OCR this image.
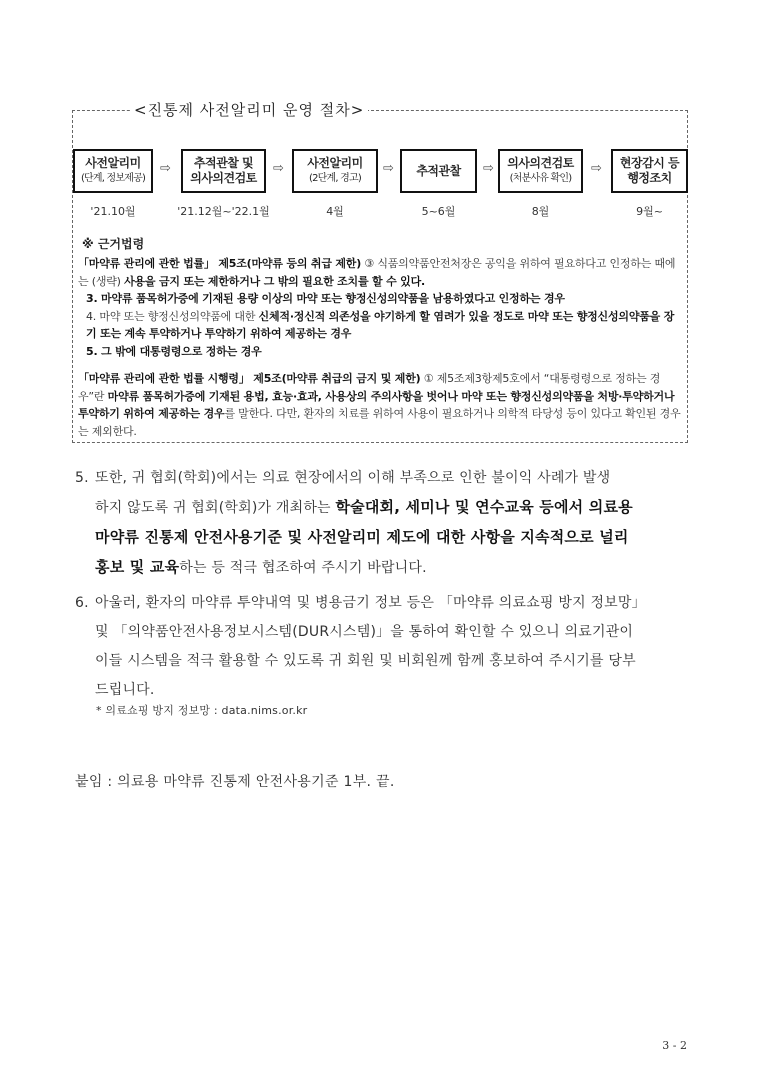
<진통제 사전알리미 운영 절차>
사전알리미
(단계, 정보제공)
⇨ 추적관찰 및
의사의견검토
⇨ 사전알리미
(2단계, 경고)
⇨ 추적관찰 ⇨ 의사의견검토
(처분사유 확인)
⇨ 현장감시 등
행정조치
'21.10월	'21.12월~'22.1월	4월	5~6월	8월	9월~
※ 근거법령
「마약류 관리에 관한 법률」 제5조(마약류 등의 취급 제한) ③ 식품의약품안전처장은 공익을 위하여 필요하다고 인정하는 때에는 (생략) 사용을 금지 또는 제한하거나 그 밖의 필요한 조치를 할 수 있다.
3. 마약류 품목허가증에 기재된 용량 이상의 마약 또는 향정신성의약품을 남용하였다고 인정하는 경우
4. 마약 또는 향정신성의약품에 대한 신체적·정신적 의존성을 야기하게 할 염려가 있을 정도로 마약 또는 향정신성의약품을 장기 또는 계속 투약하거나 투약하기 위하여 제공하는 경우
5. 그 밖에 대통령령으로 정하는 경우
「마약류 관리에 관한 법률 시행령」 제5조(마약류 취급의 금지 및 제한) ① 제5조제3항제5호에서 “대통령령으로 정하는 경우”란 마약류 품목허가증에 기재된 용법, 효능·효과, 사용상의 주의사항을 벗어나 마약 또는 향정신성의약품을 처방·투약하거나 투약하기 위하여 제공하는 경우를 말한다. 다만, 환자의 치료를 위하여 사용이 필요하거나 의학적 타당성 등이 있다고 확인된 경우는 제외한다.
5. 또한, 귀 협회(학회)에서는 의료 현장에서의 이해 부족으로 인한 불이익 사례가 발생
하지 않도록 귀 협회(학회)가 개최하는 학술대회, 세미나 및 연수교육 등에서 의료용
마약류 진통제 안전사용기준 및 사전알리미 제도에 대한 사항을 지속적으로 널리
홍보 및 교육하는 등 적극 협조하여 주시기 바랍니다.
6. 아울러, 환자의 마약류 투약내역 및 병용금기 정보 등은 「마약류 의료쇼핑 방지 정보망」
및 「의약품안전사용정보시스템(DUR시스템)」을 통하여 확인할 수 있으니 의료기관이
이들 시스템을 적극 활용할 수 있도록 귀 회원 및 비회원께 함께 홍보하여 주시기를 당부
드립니다.
* 의료쇼핑 방지 정보망 : data.nims.or.kr
붙임 : 의료용 마약류 진통제 안전사용기준 1부. 끝.
3 - 2
